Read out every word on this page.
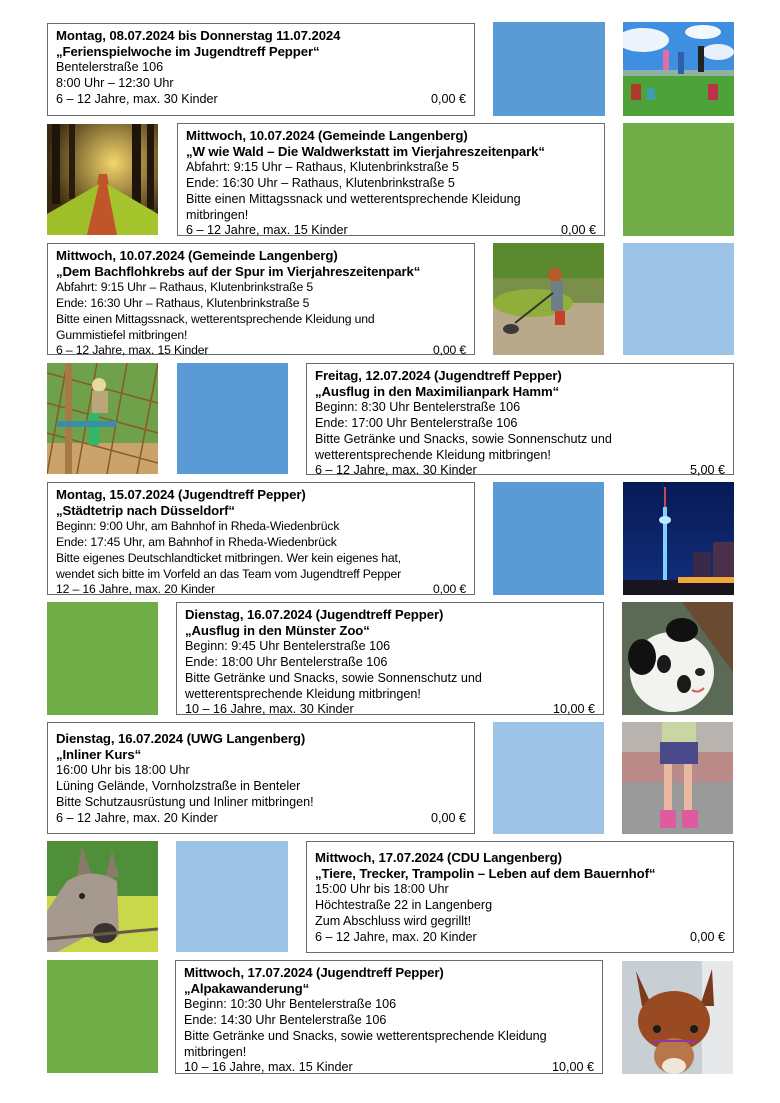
Montag, 08.07.2024 bis Donnerstag 11.07.2024
„Ferienspielwoche im Jugendtreff Pepper“
Bentelerstraße 106
8:00 Uhr – 12:30 Uhr
6 – 12 Jahre, max. 30 Kinder	0,00 €
Mittwoch, 10.07.2024 (Gemeinde Langenberg)
„W wie Wald – Die Waldwerkstatt im Vierjahreszeitenpark“
Abfahrt: 9:15 Uhr – Rathaus, Klutenbrinkstraße 5
Ende: 16:30 Uhr – Rathaus, Klutenbrinkstraße 5
Bitte einen Mittagssnack und wetterentsprechende Kleidung
mitbringen!
6 – 12 Jahre, max. 15 Kinder	0,00 €
Mittwoch, 10.07.2024 (Gemeinde Langenberg)
„Dem Bachflohkrebs auf der Spur im Vierjahreszeitenpark“
Abfahrt: 9:15 Uhr – Rathaus, Klutenbrinkstraße 5
Ende: 16:30 Uhr – Rathaus, Klutenbrinkstraße 5
Bitte einen Mittagssnack, wetterentsprechende Kleidung und
Gummistiefel mitbringen!
6 – 12 Jahre, max. 15 Kinder	0,00 €
Freitag, 12.07.2024 (Jugendtreff Pepper)
„Ausflug in den Maximilianpark Hamm“
Beginn: 8:30 Uhr Bentelerstraße 106
Ende: 17:00 Uhr Bentelerstraße 106
Bitte Getränke und Snacks, sowie Sonnenschutz und
wetterentsprechende Kleidung mitbringen!
6 – 12 Jahre, max. 30 Kinder	5,00 €
Montag, 15.07.2024 (Jugendtreff Pepper)
„Städtetrip nach Düsseldorf“
Beginn: 9:00 Uhr, am Bahnhof in Rheda-Wiedenbrück
Ende: 17:45 Uhr, am Bahnhof in Rheda-Wiedenbrück
Bitte eigenes Deutschlandticket mitbringen. Wer kein eigenes hat,
wendet sich bitte im Vorfeld an das Team vom Jugendtreff Pepper
12 – 16 Jahre, max. 20 Kinder	0,00 €
Dienstag, 16.07.2024 (Jugendtreff Pepper)
„Ausflug in den Münster Zoo“
Beginn: 9:45 Uhr Bentelerstraße 106
Ende: 18:00 Uhr Bentelerstraße 106
Bitte Getränke und Snacks, sowie Sonnenschutz und
wetterentsprechende Kleidung mitbringen!
10 – 16 Jahre, max. 30 Kinder	10,00 €
Dienstag, 16.07.2024 (UWG Langenberg)
„Inliner Kurs“
16:00 Uhr bis 18:00 Uhr
Lüning Gelände, Vornholzstraße in Benteler
Bitte Schutzausrüstung und Inliner mitbringen!
6 – 12 Jahre, max. 20 Kinder	0,00 €
Mittwoch, 17.07.2024 (CDU Langenberg)
„Tiere, Trecker, Trampolin – Leben auf dem Bauernhof“
15:00 Uhr bis 18:00 Uhr
Höchtestraße 22 in Langenberg
Zum Abschluss wird gegrillt!
6 – 12 Jahre, max. 20 Kinder	0,00 €
Mittwoch, 17.07.2024 (Jugendtreff Pepper)
„Alpakawanderung“
Beginn: 10:30 Uhr Bentelerstraße 106
Ende: 14:30 Uhr Bentelerstraße 106
Bitte Getränke und Snacks, sowie wetterentsprechende Kleidung
mitbringen!
10 – 16 Jahre, max. 15 Kinder	10,00 €
